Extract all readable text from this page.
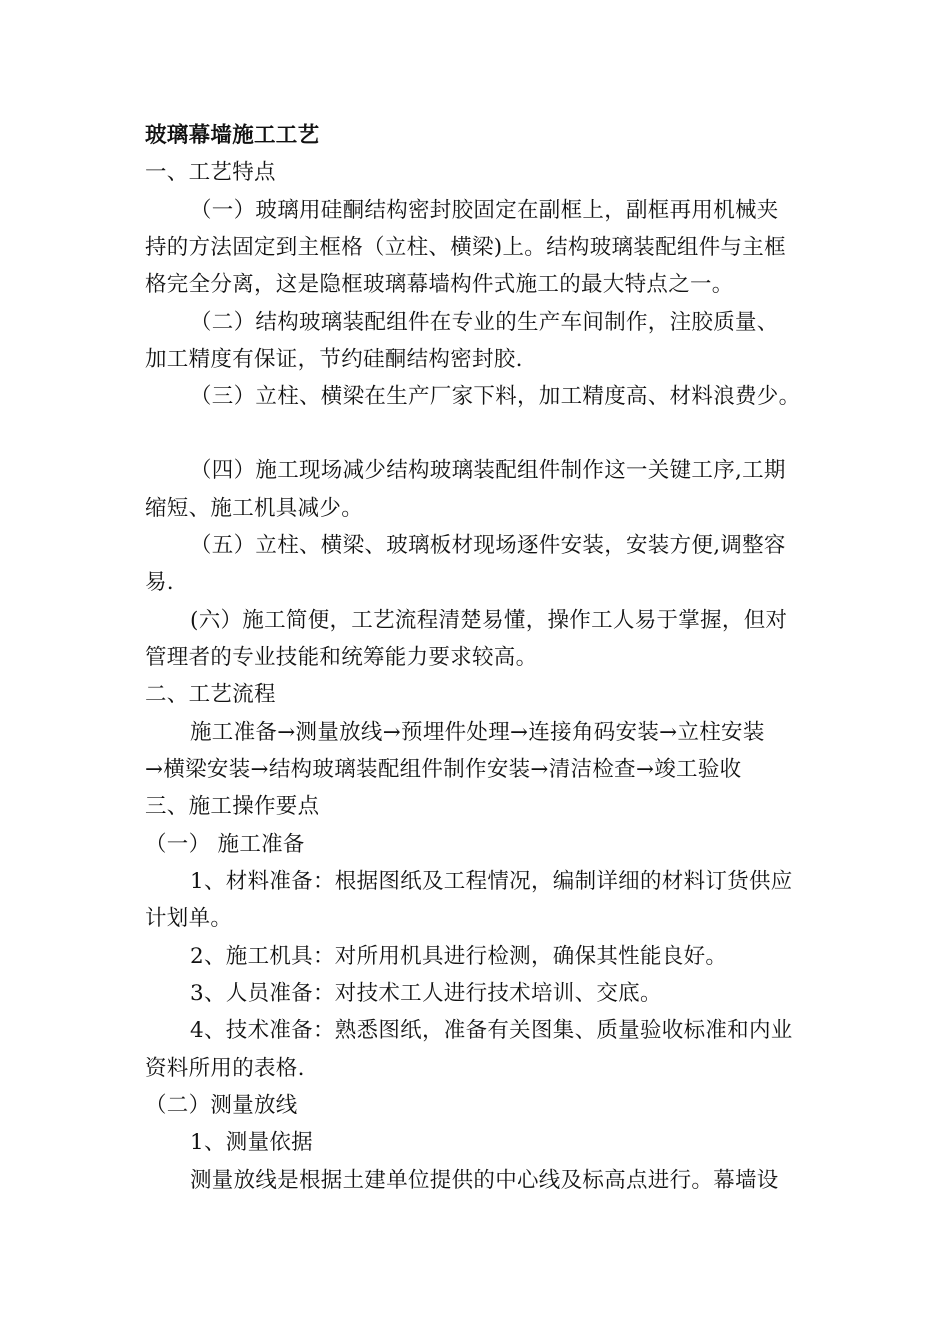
玻璃幕墙施工工艺
一、工艺特点
（一）玻璃用硅酮结构密封胶固定在副框上，副框再用机械夹
持的方法固定到主框格（立柱、横梁)上。结构玻璃装配组件与主框
格完全分离，这是隐框玻璃幕墙构件式施工的最大特点之一。
（二）结构玻璃装配组件在专业的生产车间制作，注胶质量、
加工精度有保证，节约硅酮结构密封胶.
（三）立柱、横梁在生产厂家下料，加工精度高、材料浪费少。
（四）施工现场减少结构玻璃装配组件制作这一关键工序,工期
缩短、施工机具减少。
（五）立柱、横梁、玻璃板材现场逐件安装，安装方便,调整容
易.
(六）施工简便，工艺流程清楚易懂，操作工人易于掌握，但对
管理者的专业技能和统筹能力要求较高。
二、工艺流程
施工准备→测量放线→预埋件处理→连接角码安装→立柱安装
→横梁安装→结构玻璃装配组件制作安装→清洁检查→竣工验收
三、施工操作要点
（一） 施工准备
1、材料准备：根据图纸及工程情况，编制详细的材料订货供应
计划单。
2、施工机具：对所用机具进行检测，确保其性能良好。
3、人员准备：对技术工人进行技术培训、交底。
4、技术准备：熟悉图纸，准备有关图集、质量验收标准和内业
资料所用的表格.
（二）测量放线
1、测量依据
测量放线是根据土建单位提供的中心线及标高点进行。幕墙设
